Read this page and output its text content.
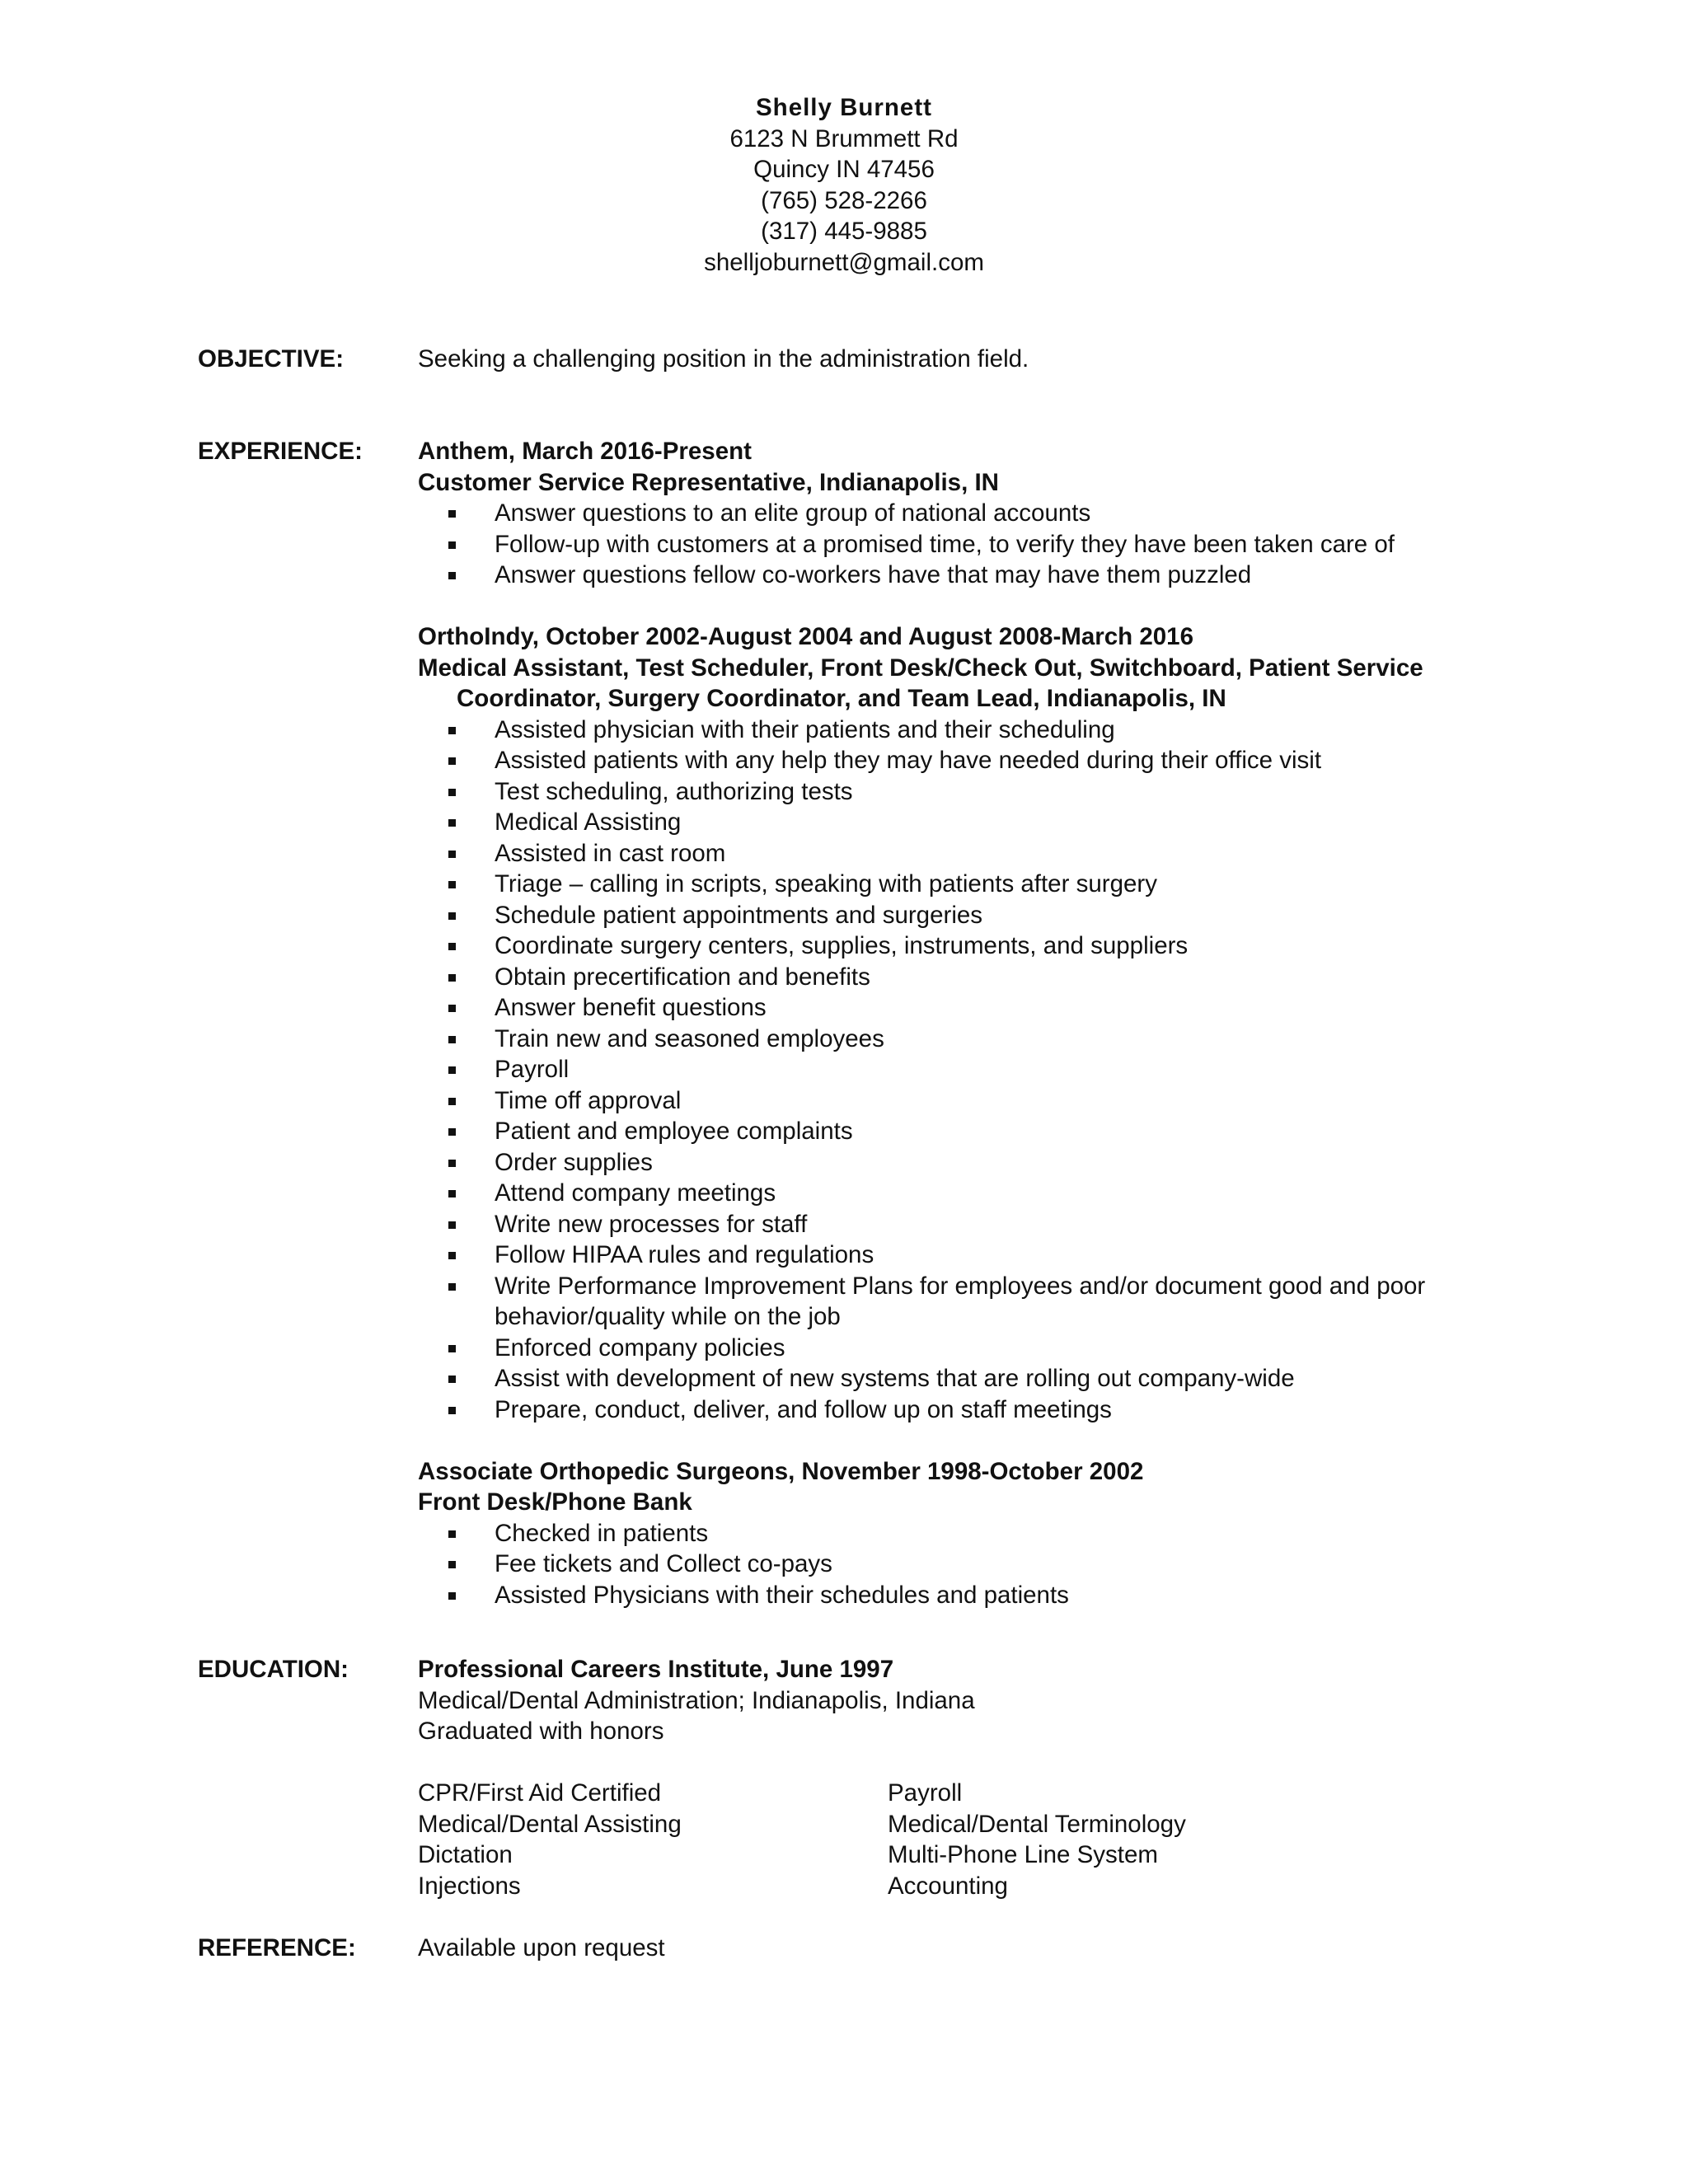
Shelly Burnett
6123 N Brummett Rd
Quincy IN 47456
(765) 528-2266
(317) 445-9885
shelljoburnett@gmail.com
OBJECTIVE:	Seeking a challenging position in the administration field.
EXPERIENCE: Anthem, March 2016-Present
Customer Service Representative, Indianapolis, IN
Answer questions to an elite group of national accounts
Follow-up with customers at a promised time, to verify they have been taken care of
Answer questions fellow co-workers have that may have them puzzled
OrthoIndy, October 2002-August 2004 and August 2008-March 2016
Medical Assistant, Test Scheduler, Front Desk/Check Out, Switchboard, Patient Service
Coordinator, Surgery Coordinator, and Team Lead, Indianapolis, IN
Assisted physician with their patients and their scheduling
Assisted patients with any help they may have needed during their office visit
Test scheduling, authorizing tests
Medical Assisting
Assisted in cast room
Triage – calling in scripts, speaking with patients after surgery
Schedule patient appointments and surgeries
Coordinate surgery centers, supplies, instruments, and suppliers
Obtain precertification and benefits
Answer benefit questions
Train new and seasoned employees
Payroll
Time off approval
Patient and employee complaints
Order supplies
Attend company meetings
Write new processes for staff
Follow HIPAA rules and regulations
Write Performance Improvement Plans for employees and/or document good and poor behavior/quality while on the job
Enforced company policies
Assist with development of new systems that are rolling out company-wide
Prepare, conduct, deliver, and follow up on staff meetings
Associate Orthopedic Surgeons, November 1998-October 2002
Front Desk/Phone Bank
Checked in patients
Fee tickets and Collect co-pays
Assisted Physicians with their schedules and patients
EDUCATION:	Professional Careers Institute, June 1997
Medical/Dental Administration; Indianapolis, Indiana
Graduated with honors
CPR/First Aid Certified	Payroll
Medical/Dental Assisting	Medical/Dental Terminology
Dictation	Multi-Phone Line System
Injections	Accounting
REFERENCE:	Available upon request
